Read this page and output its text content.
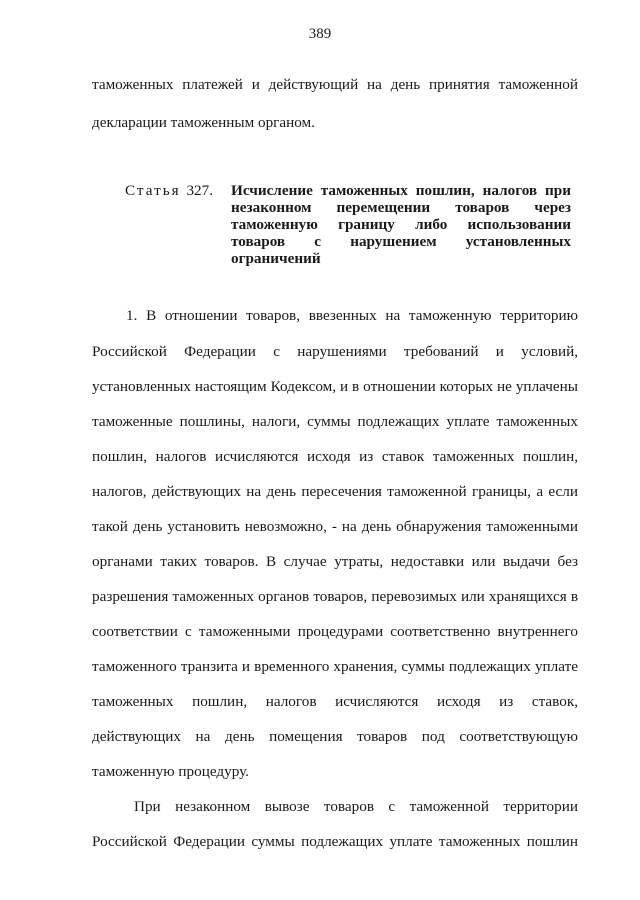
389
таможенных платежей и действующий на день принятия таможенной
декларации таможенным органом.
Статья 327. Исчисление таможенных пошлин, налогов при
незаконном перемещении товаров через
таможенную границу либо использовании
товаров с нарушением установленных
ограничений
1. В отношении товаров, ввезенных на таможенную территорию
Российской Федерации с нарушениями требований и условий,
установленных настоящим Кодексом, и в отношении которых не уплачены
таможенные пошлины, налоги, суммы подлежащих уплате таможенных
пошлин, налогов исчисляются исходя из ставок таможенных пошлин,
налогов, действующих на день пересечения таможенной границы, а если
такой день установить невозможно, - на день обнаружения таможенными
органами таких товаров. В случае утраты, недоставки или выдачи без
разрешения таможенных органов товаров, перевозимых или хранящихся в
соответствии с таможенными процедурами соответственно внутреннего
таможенного транзита и временного хранения, суммы подлежащих уплате
таможенных пошлин, налогов исчисляются исходя из ставок,
действующих на день помещения товаров под соответствующую
таможенную процедуру.
При незаконном вывозе товаров с таможенной территории
Российской Федерации суммы подлежащих уплате таможенных пошлин
